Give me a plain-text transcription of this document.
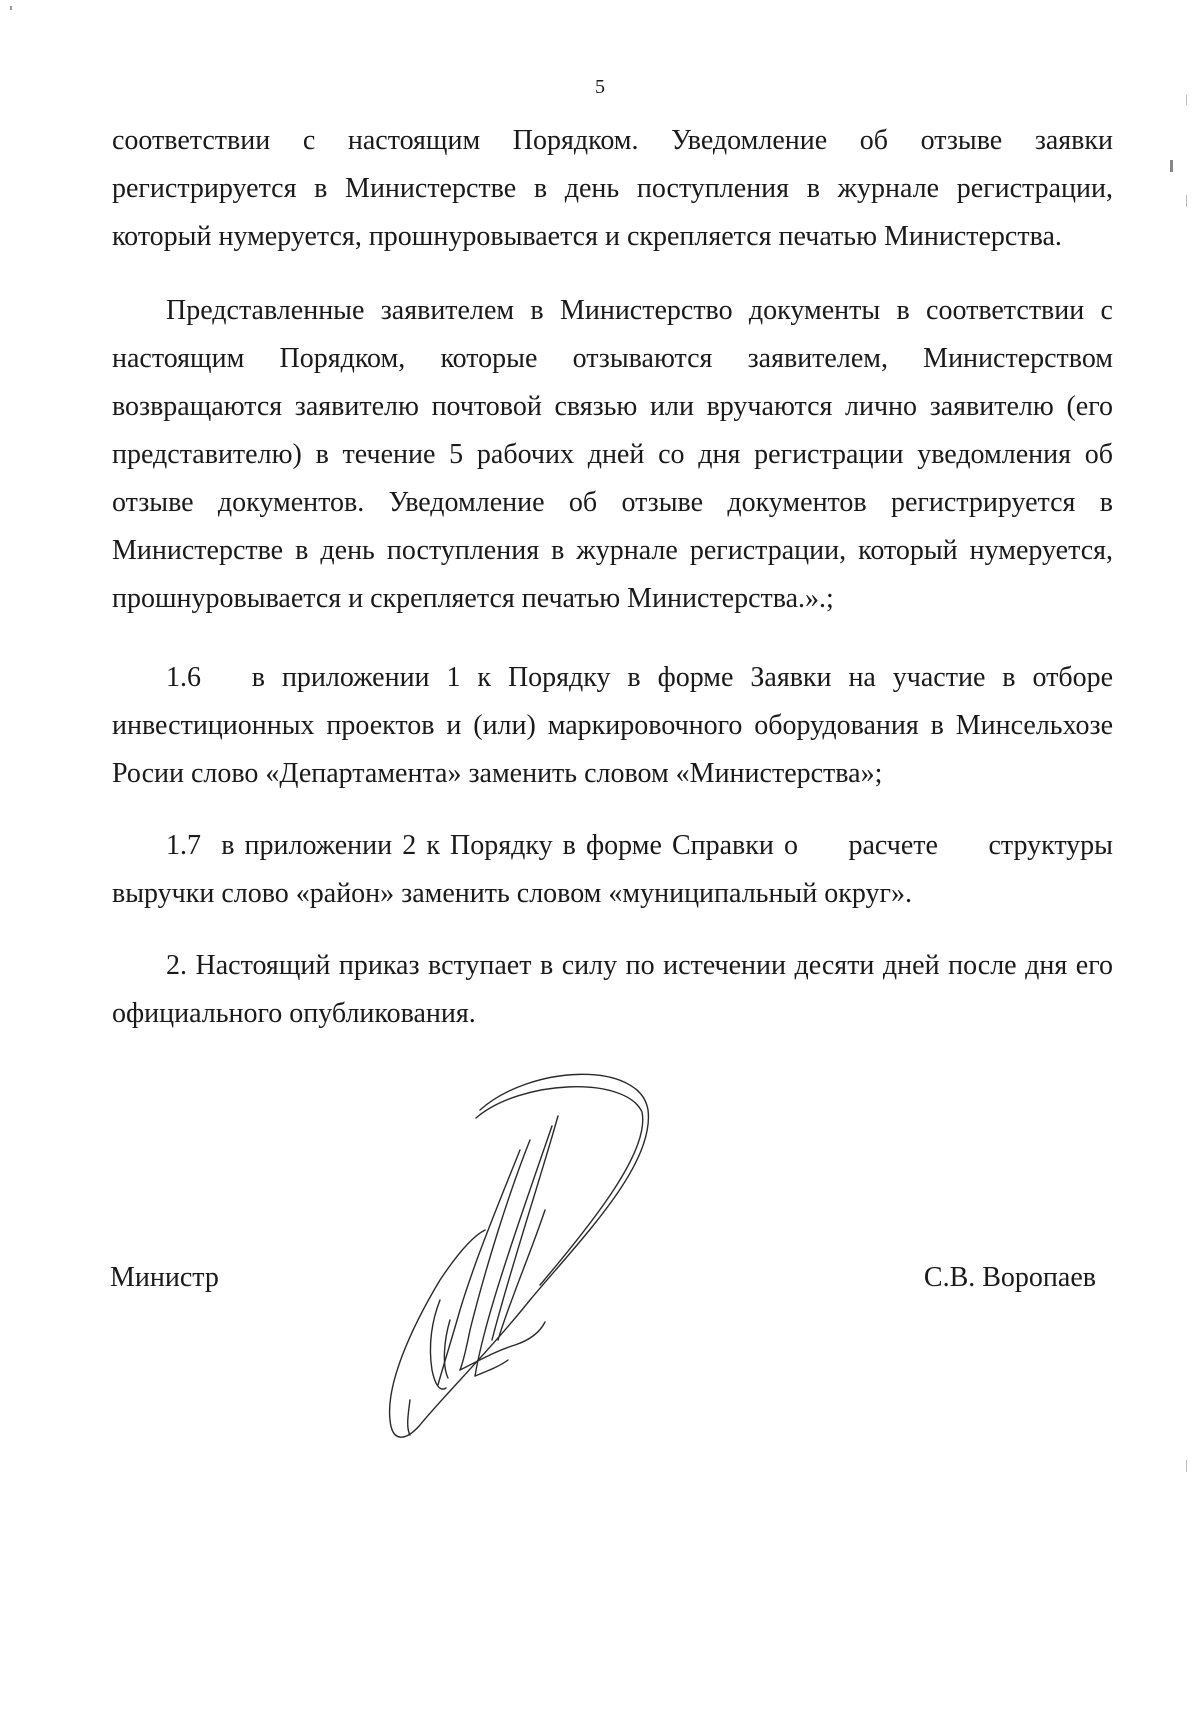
5
соответствии с настоящим Порядком. Уведомление об отзыве заявки регистрируется в Министерстве в день поступления в журнале регистрации, который нумеруется, прошнуровывается и скрепляется печатью Министерства.
Представленные заявителем в Министерство документы в соответствии с настоящим Порядком, которые отзываются заявителем, Министерством возвращаются заявителю почтовой связью или вручаются лично заявителю (его представителю) в течение 5 рабочих дней со дня регистрации уведомления об отзыве документов. Уведомление об отзыве документов регистрируется в Министерстве в день поступления в журнале регистрации, который нумеруется, прошнуровывается и скрепляется печатью Министерства.».;
1.6   в приложении 1 к Порядку в форме Заявки на участие в отборе инвестиционных проектов и (или) маркировочного оборудования в Минсельхозе Росии слово «Департамента» заменить словом «Министерства»;
1.7  в приложении 2 к Порядку в форме Справки о     расчете     структуры выручки слово «район» заменить словом «муниципальный округ».
2. Настоящий приказ вступает в силу по истечении десяти дней после дня его официального опубликования.
Министр	С.В. Воропаев
